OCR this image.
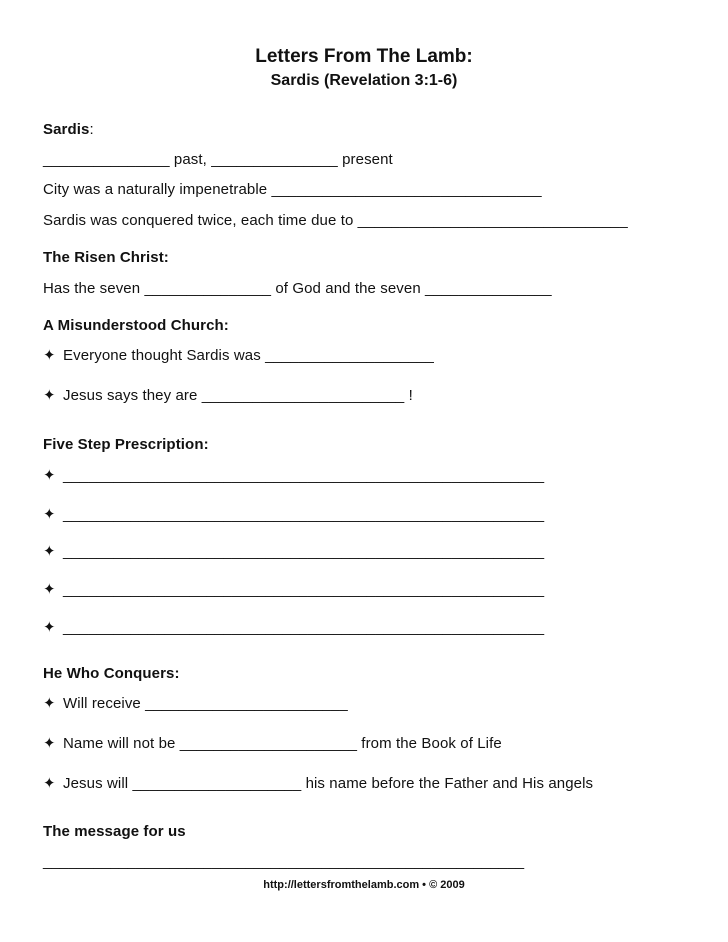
Letters From The Lamb:
Sardis (Revelation 3:1-6)
Sardis:
_______________ past, _______________ present
City was a naturally impenetrable ________________________________
Sardis was conquered twice, each time due to ________________________________
The Risen Christ:
Has the seven _______________ of God and the seven _______________
A Misunderstood Church:
✦ Everyone thought Sardis was ____________________
✦ Jesus says they are ________________________ !
Five Step Prescription:
✦ _________________________________________________________
✦ _________________________________________________________
✦ _________________________________________________________
✦ _________________________________________________________
✦ _________________________________________________________
He Who Conquers:
✦ Will receive ________________________
✦ Name will not be _____________________ from the Book of Life
✦ Jesus will ____________________ his name before the Father and His angels
The message for us
_________________________________________________________
http://lettersfromthelamb.com • © 2009
